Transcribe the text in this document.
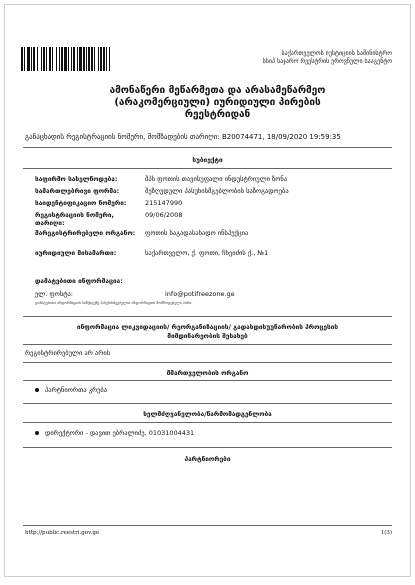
საქართველოს იუსტიციის სამინისტრო
სსიპ საჯარო რეესტრის ეროვნული სააგენტო
ამონაწერი მეწარმეთა და არასამეწარმეო
(არაკომერციული) იურიდიული პირების
რეესტრიდან
განაცხადის რეგისტრაციის ნომერი, მომზადების თარიღი: B20074471, 18/09/2020 19:59:35
სუბიექტი
საფირმო სახელწოდება:	შპს ფოთის თავისუფალი ინდუსტრიული ზონა
სამართლებრივი ფორმა:	შეზღუდული პასუხისმგებლობის საზოგადოება
საიდენტიფიკაციო ნომერი:	215147990
რეგისტრაციის ნომერი, თარიღი:
09/06/2008
მარეგისტრირებელი ორგანო:	ფოთის საგადასახადო ინსპექცია
იურიდიული მისამართი:	საქართველო, ქ. ფოთი, ჩხეიძის ქ., №1
დამატებითი ინფორმაცია:
ელ. ფოსტა:	info@potifreezone.ge
დამატებითი ინფორმაციის სიზუსტეზე პასუხისმგებელია ინფორმაციის მომწოდებელი პირი.
ინფორმაცია ლიკვიდაციის/ რეორგანიზაციის/ გადახდისუუნარობის პროცესის
მიმდინარეობის შესახებ
რეგისტრირებული არ არის
მმართველობის ორგანო
პარტნიორთა კრება
ხელმძღვანელობა/წარმომადგენლობა
დირექტორი - დავით ებრალიძე, 01031004431
პარტნიორები
http://public.reestri.gov.ge	1(3)
